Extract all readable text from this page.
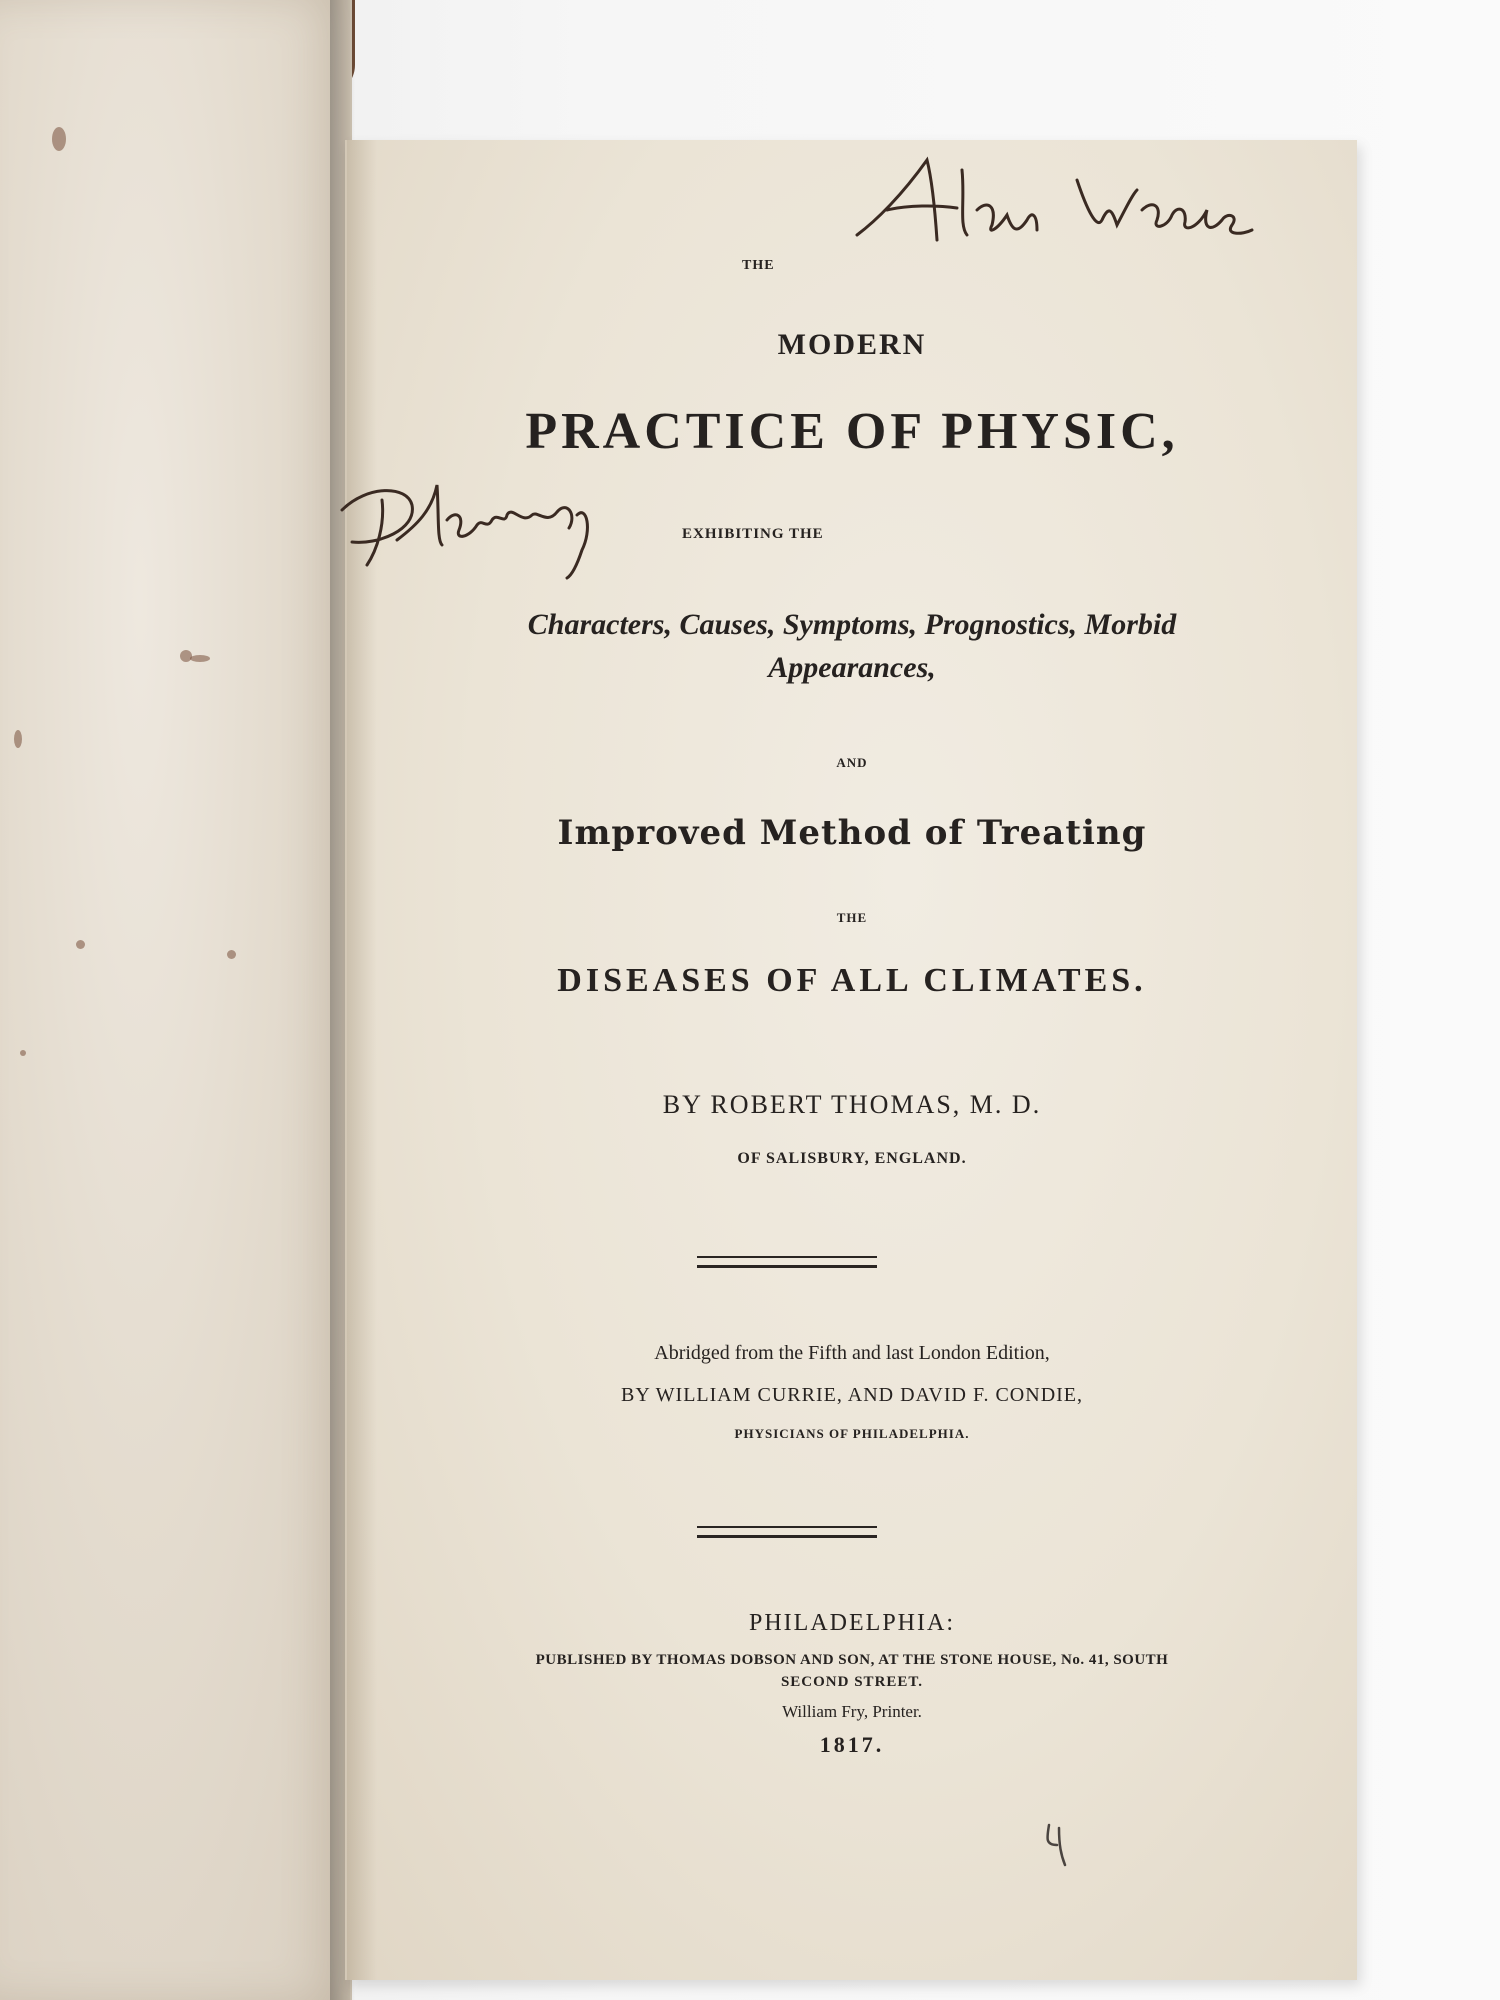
THE
MODERN
PRACTICE OF PHYSIC,
EXHIBITING THE
Characters, Causes, Symptoms, Prognostics, Morbid
Appearances,
AND
Improved Method of Treating
THE
DISEASES OF ALL CLIMATES.
BY ROBERT THOMAS, M. D.
OF SALISBURY, ENGLAND.
Abridged from the Fifth and last London Edition,
BY WILLIAM CURRIE, AND DAVID F. CONDIE,
PHYSICIANS OF PHILADELPHIA.
PHILADELPHIA:
PUBLISHED BY THOMAS DOBSON AND SON, AT THE STONE HOUSE, No. 41, SOUTH
SECOND STREET.
William Fry, Printer.
1817.
